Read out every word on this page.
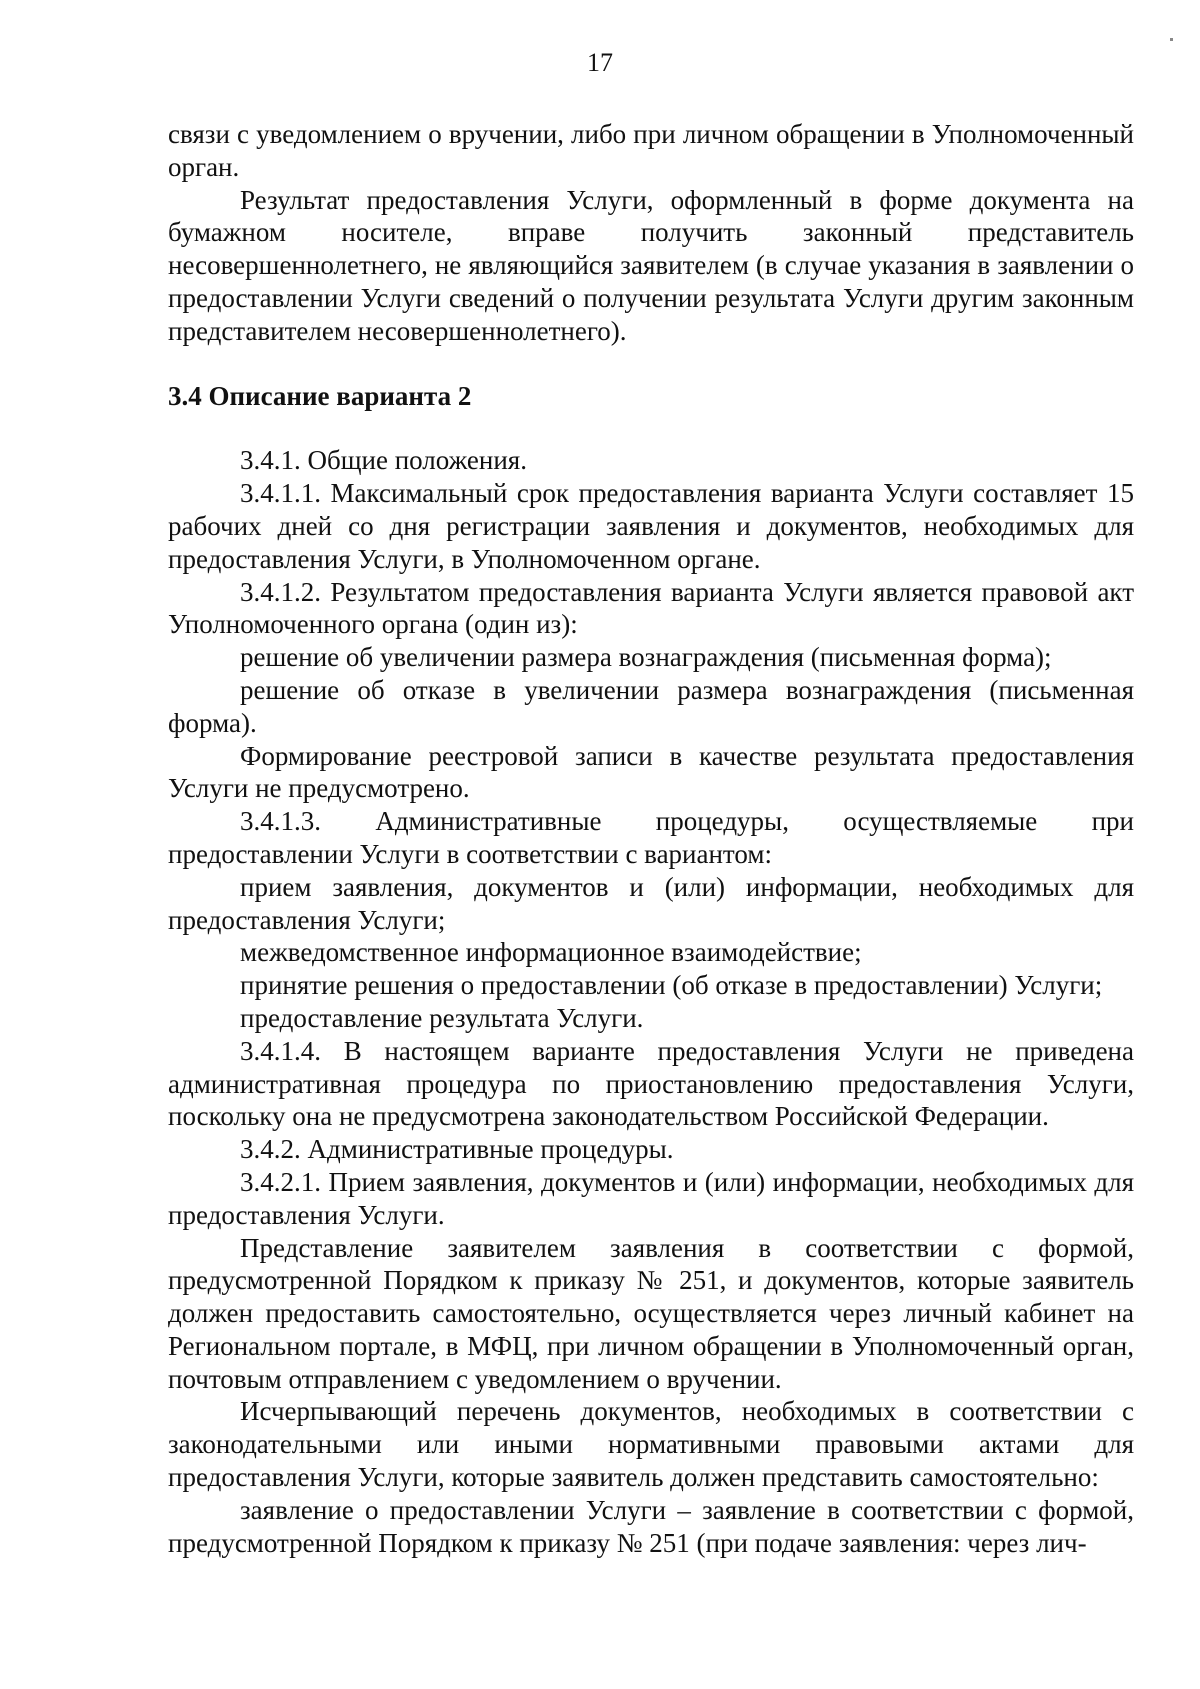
17

связи с уведомлением о вручении, либо при личном обращении в Уполномоченный орган.

Результат предоставления Услуги, оформленный в форме документа на бумажном носителе, вправе получить законный представитель несовершеннолетнего, не являющийся заявителем (в случае указания в заявлении о предоставлении Услуги сведений о получении результата Услуги другим законным представителем несовершеннолетнего).

3.4 Описание варианта 2

3.4.1. Общие положения.

3.4.1.1. Максимальный срок предоставления варианта Услуги составляет 15 рабочих дней со дня регистрации заявления и документов, необходимых для предоставления Услуги, в Уполномоченном органе.

3.4.1.2. Результатом предоставления варианта Услуги является правовой акт Уполномоченного органа (один из):

решение об увеличении размера вознаграждения (письменная форма);

решение об отказе в увеличении размера вознаграждения (письменная форма).

Формирование реестровой записи в качестве результата предоставления Услуги не предусмотрено.

3.4.1.3. Административные процедуры, осуществляемые при предоставлении Услуги в соответствии с вариантом:

прием заявления, документов и (или) информации, необходимых для предоставления Услуги;

межведомственное информационное взаимодействие;

принятие решения о предоставлении (об отказе в предоставлении) Услуги;

предоставление результата Услуги.

3.4.1.4. В настоящем варианте предоставления Услуги не приведена административная процедура по приостановлению предоставления Услуги, поскольку она не предусмотрена законодательством Российской Федерации.

3.4.2. Административные процедуры.

3.4.2.1. Прием заявления, документов и (или) информации, необходимых для предоставления Услуги.

Представление заявителем заявления в соответствии с формой, предусмотренной Порядком к приказу № 251, и документов, которые заявитель должен предоставить самостоятельно, осуществляется через личный кабинет на Региональном портале, в МФЦ, при личном обращении в Уполномоченный орган, почтовым отправлением с уведомлением о вручении.

Исчерпывающий перечень документов, необходимых в соответствии с законодательными или иными нормативными правовыми актами для предоставления Услуги, которые заявитель должен представить самостоятельно:

заявление о предоставлении Услуги – заявление в соответствии с формой, предусмотренной Порядком к приказу № 251 (при подаче заявления: через лич-
